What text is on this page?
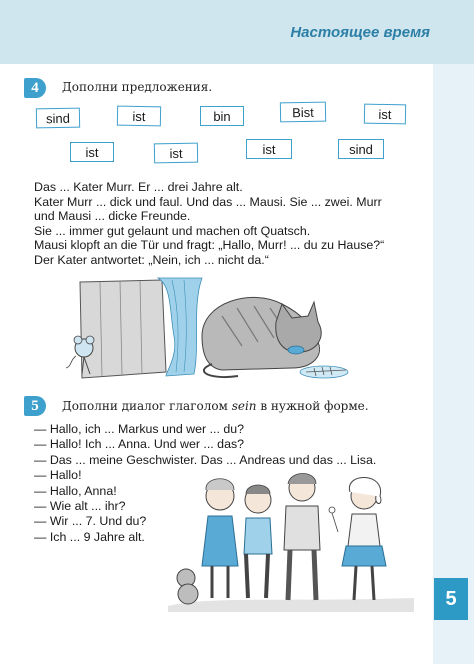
Настоящее время
5
4	Дополни предложения.
sind	ist	bin	Bist	ist
ist	ist	ist	sind
Das ... Kater Murr. Er ... drei Jahre alt.
Kater Murr ... dick und faul. Und das ... Mausi. Sie ... zwei. Murr
und Mausi ... dicke Freunde.
Sie ... immer gut gelaunt und machen oft Quatsch.
Mausi klopft an die Tür und fragt: „Hallo, Murr! ... du zu Hause?“
Der Kater antwortet: „Nein, ich ... nicht da.“
5	Дополни диалог глаголом sein в нужной форме.
— Hallo, ich ... Markus und wer ... du?
— Hallo! Ich ... Anna. Und wer ... das?
— Das ... meine Geschwister. Das ... Andreas und das ... Lisa.
— Hallo!
— Hallo, Anna!
— Wie alt ... ihr?
— Wir ... 7. Und du?
— Ich ... 9 Jahre alt.
